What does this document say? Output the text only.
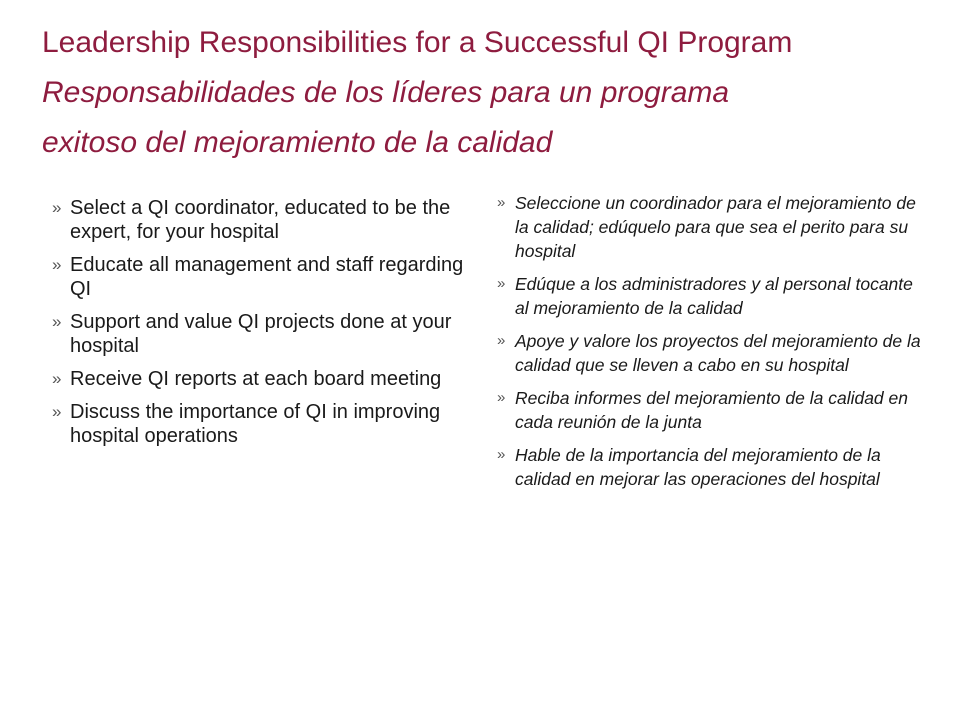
Leadership Responsibilities for a Successful QI Program
Responsabilidades de los líderes para un programa
exitoso del mejoramiento de la calidad
» Select a QI coordinator, educated to be the expert, for your hospital
» Educate all management and staff regarding QI
» Support and value QI projects done at your hospital
» Receive QI reports at each board meeting
» Discuss the importance of QI in improving hospital operations
» Seleccione un coordinador para el mejoramiento de la calidad; edúquelo para que sea el perito para su hospital
» Edúque a los administradores y al personal tocante al mejoramiento de la calidad
» Apoye y valore los proyectos del mejoramiento de la calidad que se lleven a cabo en su hospital
» Reciba informes del mejoramiento de la calidad en cada reunión de la junta
» Hable de la importancia del mejoramiento de la calidad en mejorar las operaciones del hospital
